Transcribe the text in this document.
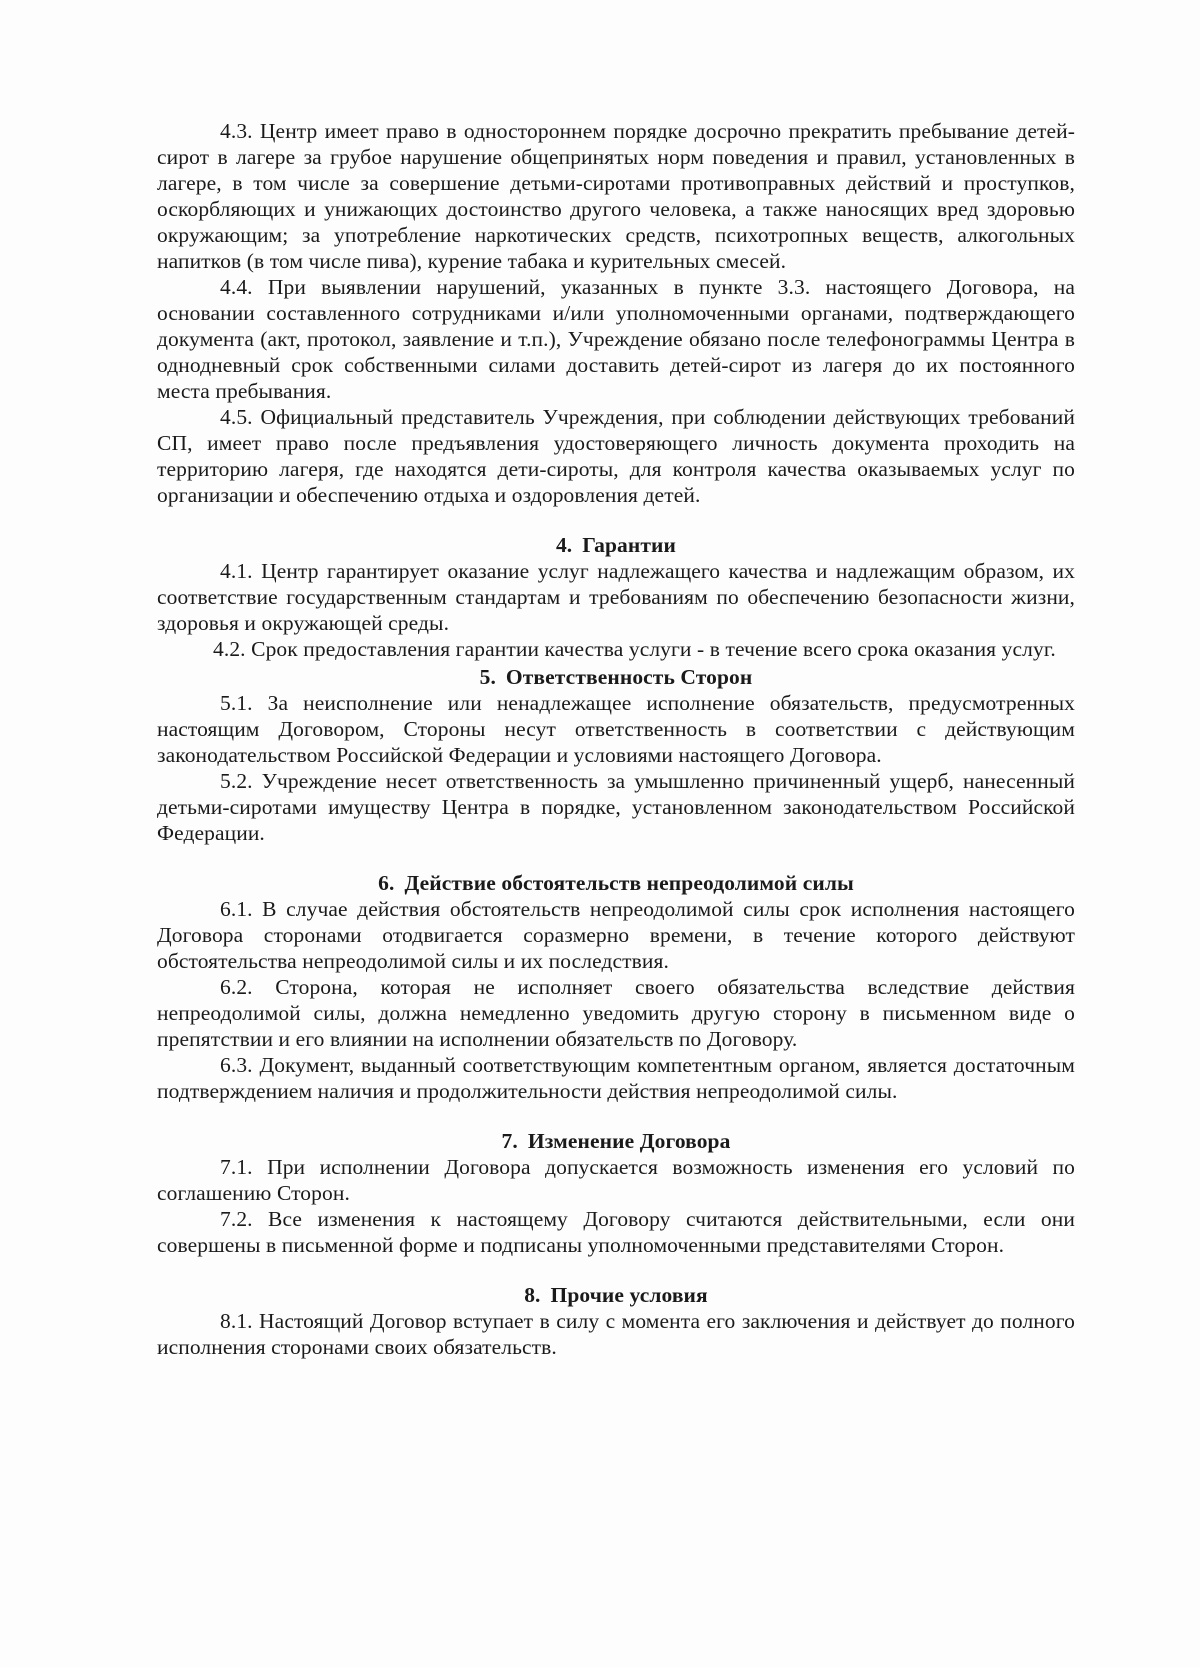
4.3. Центр имеет право в одностороннем порядке досрочно прекратить пребывание детей-сирот в лагере за грубое нарушение общепринятых норм поведения и правил, установленных в лагере, в том числе за совершение детьми-сиротами противоправных действий и проступков, оскорбляющих и унижающих достоинство другого человека, а также наносящих вред здоровью окружающим; за употребление наркотических средств, психотропных веществ, алкогольных напитков (в том числе пива), курение табака и курительных смесей.

4.4. При выявлении нарушений, указанных в пункте 3.3. настоящего Договора, на основании составленного сотрудниками и/или уполномоченными органами, подтверждающего документа (акт, протокол, заявление и т.п.), Учреждение обязано после телефонограммы Центра в однодневный срок собственными силами доставить детей-сирот из лагеря до их постоянного места пребывания.

4.5. Официальный представитель Учреждения, при соблюдении действующих требований СП, имеет право после предъявления удостоверяющего личность документа проходить на территорию лагеря, где находятся дети-сироты, для контроля качества оказываемых услуг по организации и обеспечению отдыха и оздоровления детей.

4. Гарантии

4.1. Центр гарантирует оказание услуг надлежащего качества и надлежащим образом, их соответствие государственным стандартам и требованиям по обеспечению безопасности жизни, здоровья и окружающей среды.

4.2. Срок предоставления гарантии качества услуги - в течение всего срока оказания услуг.

5. Ответственность Сторон

5.1. За неисполнение или ненадлежащее исполнение обязательств, предусмотренных настоящим Договором, Стороны несут ответственность в соответствии с действующим законодательством Российской Федерации и условиями настоящего Договора.

5.2. Учреждение несет ответственность за умышленно причиненный ущерб, нанесенный детьми-сиротами имуществу Центра в порядке, установленном законодательством Российской Федерации.

6. Действие обстоятельств непреодолимой силы

6.1. В случае действия обстоятельств непреодолимой силы срок исполнения настоящего Договора сторонами отодвигается соразмерно времени, в течение которого действуют обстоятельства непреодолимой силы и их последствия.

6.2. Сторона, которая не исполняет своего обязательства вследствие действия непреодолимой силы, должна немедленно уведомить другую сторону в письменном виде о препятствии и его влиянии на исполнении обязательств по Договору.

6.3. Документ, выданный соответствующим компетентным органом, является достаточным подтверждением наличия и продолжительности действия непреодолимой силы.

7. Изменение Договора

7.1. При исполнении Договора допускается возможность изменения его условий по соглашению Сторон.

7.2. Все изменения к настоящему Договору считаются действительными, если они совершены в письменной форме и подписаны уполномоченными представителями Сторон.

8. Прочие условия

8.1. Настоящий Договор вступает в силу с момента его заключения и действует до полного исполнения сторонами своих обязательств.
